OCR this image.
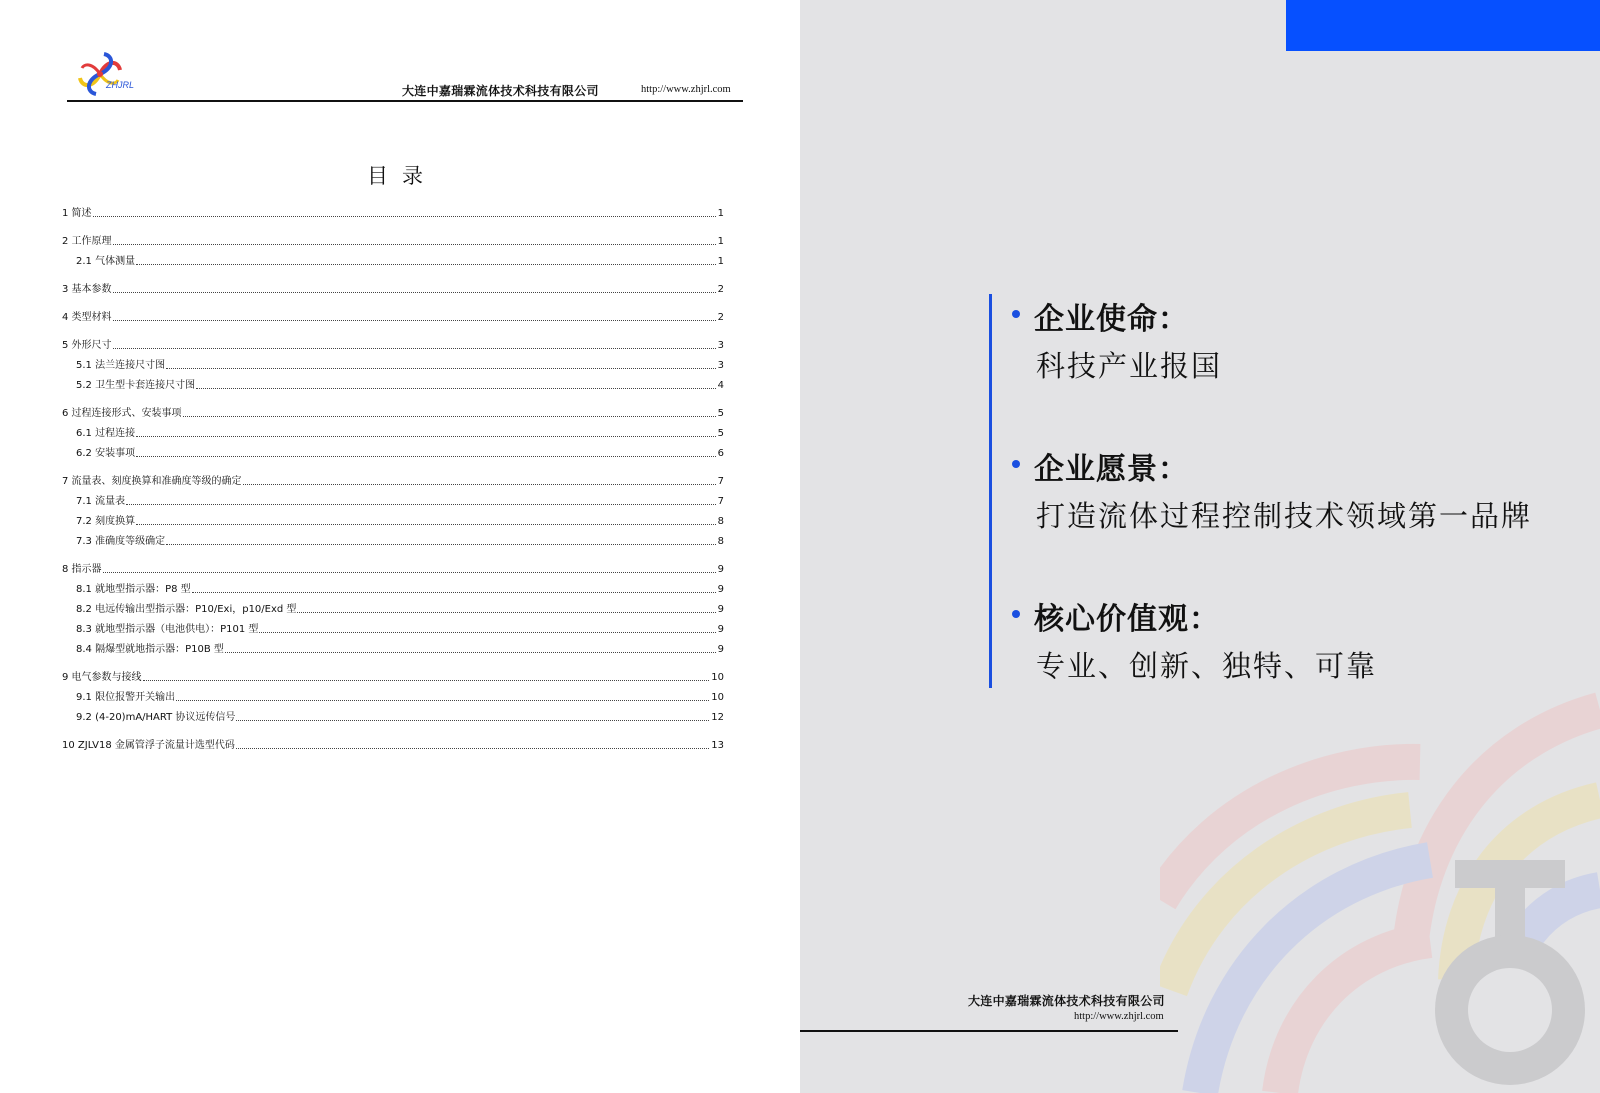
ZHJRL	大连中嘉瑞霖流体技术科技有限公司	http://www.zhjrl.com
目录
1 简述	1
2 工作原理	1
2.1 气体测量	1
3 基本参数	2
4 类型材料	2
5 外形尺寸	3
5.1 法兰连接尺寸图	3
5.2 卫生型卡套连接尺寸图	4
6 过程连接形式、安装事项	5
6.1 过程连接	5
6.2 安装事项	6
7 流量表、刻度换算和准确度等级的确定	7
7.1 流量表	7
7.2 刻度换算	8
7.3 准确度等级确定	8
8 指示器	9
8.1 就地型指示器：P8 型	9
8.2 电远传输出型指示器：P10/Exi，p10/Exd 型	9
8.3 就地型指示器（电池供电）：P101 型	9
8.4 隔爆型就地指示器：P10B 型	9
9 电气参数与接线	10
9.1 限位报警开关输出	10
9.2 (4-20)mA/HART 协议远传信号	12
10 ZJLV18 金属管浮子流量计选型代码	13
企业使命：
科技产业报国
企业愿景：
打造流体过程控制技术领域第一品牌
核心价值观：
专业、创新、独特、可靠
大连中嘉瑞霖流体技术科技有限公司
http://www.zhjrl.com
